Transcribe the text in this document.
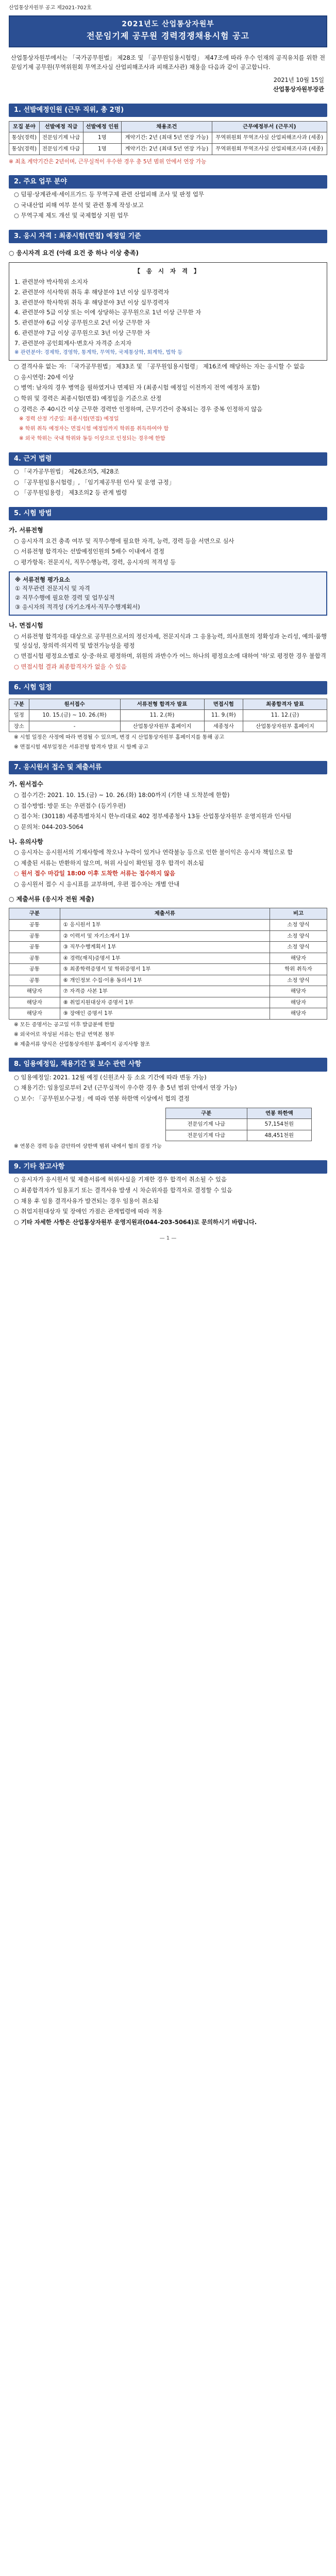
산업통상자원부 공고 제2021-702호
2021년도 산업통상자원부
전문임기제 공무원 경력경쟁채용시험 공고

산업통상자원부에서는 「국가공무원법」 제28조 및 「공무원임용시험령」 제47조에 따라 우수 인재의 공직유치를 위한 전문임기제 공무원(무역위원회 무역조사실 산업피해조사과 피해조사관) 채용을 다음과 같이 공고합니다.

2021년 10월 15일
산업통상자원부장관
1. 선발예정인원 (근무 직위, 총 2명)
모집 분야	선발예정 직급	선발예정 인원	채용조건	근무예정부서 (근무지)
통상(경력)	전문임기제 나급	1명	계약기간: 2년 (최대 5년 연장 가능)	무역위원회 무역조사실 산업피해조사과 (세종)
통상(경력)	전문임기제 다급	1명	계약기간: 2년 (최대 5년 연장 가능)	무역위원회 무역조사실 산업피해조사과 (세종)

※ 최초 계약기간은 2년이며, 근무실적이 우수한 경우 총 5년 범위 안에서 연장 가능

2. 주요 업무 분야

○ 덤핑·상계관세·세이프가드 등 무역구제 관련 산업피해 조사 및 판정 업무

○ 국내산업 피해 여부 분석 및 관련 통계 작성·보고

○ 무역구제 제도 개선 및 국제협상 지원 업무

3. 응시 자격 : 최종시험(면접) 예정일 기준

○ 응시자격 요건 (아래 요건 중 하나 이상 충족)

【 응 시 자 격 】

1. 관련분야 박사학위 소지자

2. 관련분야 석사학위 취득 후 해당분야 1년 이상 실무경력자

3. 관련분야 학사학위 취득 후 해당분야 3년 이상 실무경력자

4. 관련분야 5급 이상 또는 이에 상당하는 공무원으로 1년 이상 근무한 자

5. 관련분야 6급 이상 공무원으로 2년 이상 근무한 자

6. 관련분야 7급 이상 공무원으로 3년 이상 근무한 자

7. 관련분야 공인회계사·변호사 자격증 소지자

※ 관련분야: 경제학, 경영학, 통계학, 무역학, 국제통상학, 회계학, 법학 등

○ 결격사유 없는 자: 「국가공무원법」 제33조 및 「공무원임용시험령」 제16조에 해당하는 자는 응시할 수 없음

○ 응시연령: 20세 이상

○ 병역: 남자의 경우 병역을 필하였거나 면제된 자 (최종시험 예정일 이전까지 전역 예정자 포함)

○ 학위 및 경력은 최종시험(면접) 예정일을 기준으로 산정

○ 경력은 주 40시간 이상 근무한 경력만 인정하며, 근무기간이 중복되는 경우 중복 인정하지 않음

※ 경력 산정 기준일: 최종시험(면접) 예정일

※ 학위 취득 예정자는 면접시험 예정일까지 학위를 취득하여야 함

※ 외국 학위는 국내 학위와 동등 이상으로 인정되는 경우에 한함

4. 근거 법령

○ 「국가공무원법」 제26조의5, 제28조

○ 「공무원임용시험령」, 「임기제공무원 인사 및 운영 규정」

○ 「공무원임용령」 제3조의2 등 관계 법령

5. 시험 방법

가. 서류전형

○ 응시자격 요건 충족 여부 및 직무수행에 필요한 자격, 능력, 경력 등을 서면으로 심사

○ 서류전형 합격자는 선발예정인원의 5배수 이내에서 결정

○ 평가항목: 전문지식, 직무수행능력, 경력, 응시자의 적격성 등

※ 서류전형 평가요소

① 직무관련 전문지식 및 자격

② 직무수행에 필요한 경력 및 업무실적

③ 응시자의 적격성 (자기소개서·직무수행계획서)

나. 면접시험

○ 서류전형 합격자를 대상으로 공무원으로서의 정신자세, 전문지식과 그 응용능력, 의사표현의 정확성과 논리성, 예의·품행 및 성실성, 창의력·의지력 및 발전가능성을 평정

○ 면접시험 평정요소별로 상·중·하로 평정하며, 위원의 과반수가 어느 하나의 평정요소에 대하여 '하'로 평정한 경우 불합격

○ 면접시험 결과 최종합격자가 없을 수 있음

6. 시험 일정
구분	원서접수	서류전형 합격자 발표	면접시험	최종합격자 발표
일정	10. 15.(금) ~ 10. 26.(화)	11. 2.(화)	11. 9.(화)	11. 12.(금)
장소	-	산업통상자원부 홈페이지	세종청사	산업통상자원부 홈페이지

※ 시험 일정은 사정에 따라 변경될 수 있으며, 변경 시 산업통상자원부 홈페이지를 통해 공고

※ 면접시험 세부일정은 서류전형 합격자 발표 시 함께 공고

7. 응시원서 접수 및 제출서류

가. 원서접수

○ 접수기간: 2021. 10. 15.(금) ~ 10. 26.(화) 18:00까지 (기한 내 도착분에 한함)

○ 접수방법: 방문 또는 우편접수 (등기우편)

○ 접수처: (30118) 세종특별자치시 한누리대로 402 정부세종청사 13동 산업통상자원부 운영지원과 인사팀

○ 문의처: 044-203-5064

나. 유의사항

○ 응시자는 응시원서의 기재사항에 착오나 누락이 있거나 연락불능 등으로 인한 불이익은 응시자 책임으로 함

○ 제출된 서류는 반환하지 않으며, 허위 사실이 확인될 경우 합격이 취소됨

○ 원서 접수 마감일 18:00 이후 도착한 서류는 접수하지 않음

○ 응시원서 접수 시 응시표를 교부하며, 우편 접수자는 개별 안내

○ 제출서류 (응시자 전원 제출)

구분	제출서류	비고
공통	① 응시원서 1부	소정 양식
공통	② 이력서 및 자기소개서 1부	소정 양식
공통	③ 직무수행계획서 1부	소정 양식
공통	④ 경력(재직)증명서 1부	해당자
공통	⑤ 최종학력증명서 및 학위증명서 1부	학위 취득자
공통	⑥ 개인정보 수집·이용 동의서 1부	소정 양식
해당자	⑦ 자격증 사본 1부	해당자
해당자	⑧ 취업지원대상자 증명서 1부	해당자
해당자	⑨ 장애인 증명서 1부	해당자

※ 모든 증명서는 공고일 이후 발급분에 한함

※ 외국어로 작성된 서류는 한글 번역본 첨부

※ 제출서류 양식은 산업통상자원부 홈페이지 공지사항 참조

8. 임용예정일, 채용기간 및 보수 관련 사항

○ 임용예정일: 2021. 12월 예정 (신원조사 등 소요 기간에 따라 변동 가능)

○ 채용기간: 임용일로부터 2년 (근무실적이 우수한 경우 총 5년 범위 안에서 연장 가능)

○ 보수: 「공무원보수규정」에 따라 연봉 하한액 이상에서 협의 결정

구분	연봉 하한액
전문임기제 나급	57,154천원
전문임기제 다급	48,451천원

※ 연봉은 경력 등을 감안하여 상한액 범위 내에서 협의 결정 가능

9. 기타 참고사항

○ 응시자가 응시원서 및 제출서류에 허위사실을 기재한 경우 합격이 취소될 수 있음

○ 최종합격자가 임용포기 또는 결격사유 발생 시 차순위자를 합격자로 결정할 수 있음

○ 채용 후 임용 결격사유가 발견되는 경우 임용이 취소됨

○ 취업지원대상자 및 장애인 가점은 관계법령에 따라 적용

○ 기타 자세한 사항은 산업통상자원부 운영지원과(044-203-5064)로 문의하시기 바랍니다.

— 1 —
